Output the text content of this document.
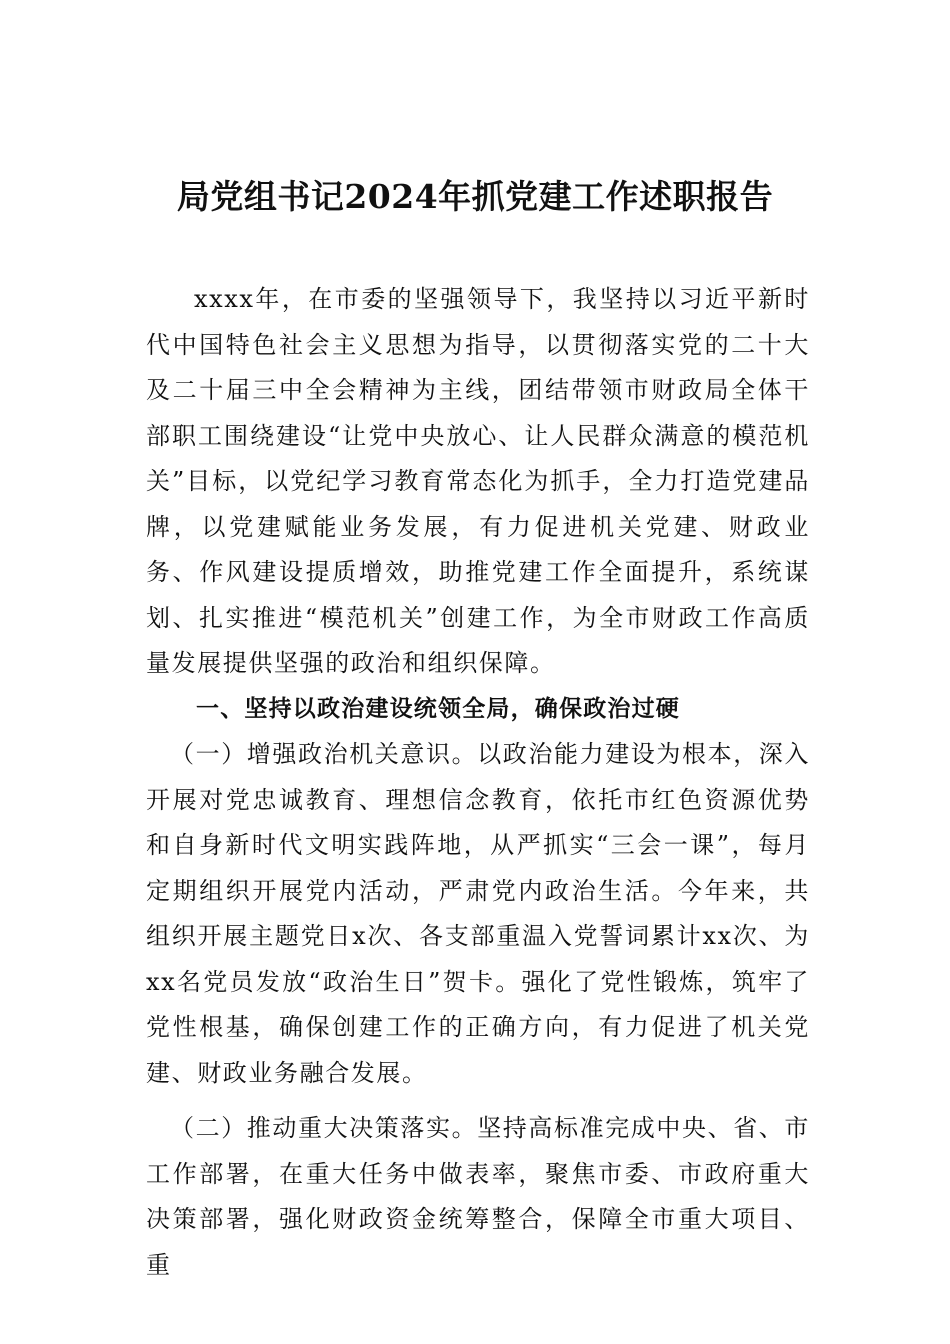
局党组书记2024年抓党建工作述职报告

xxxx年，在市委的坚强领导下，我坚持以习近平新时代中国特色社会主义思想为指导，以贯彻落实党的二十大及二十届三中全会精神为主线，团结带领市财政局全体干部职工围绕建设“让党中央放心、让人民群众满意的模范机关”目标，以党纪学习教育常态化为抓手，全力打造党建品牌，以党建赋能业务发展，有力促进机关党建、财政业务、作风建设提质增效，助推党建工作全面提升，系统谋划、扎实推进“模范机关”创建工作，为全市财政工作高质量发展提供坚强的政治和组织保障。

一、坚持以政治建设统领全局，确保政治过硬

（一）增强政治机关意识。以政治能力建设为根本，深入开展对党忠诚教育、理想信念教育，依托市红色资源优势和自身新时代文明实践阵地，从严抓实“三会一课”，每月定期组织开展党内活动，严肃党内政治生活。今年来，共组织开展主题党日x次、各支部重温入党誓词累计xx次、为xx名党员发放“政治生日”贺卡。强化了党性锻炼，筑牢了党性根基，确保创建工作的正确方向，有力促进了机关党建、财政业务融合发展。

（二）推动重大决策落实。坚持高标准完成中央、省、市工作部署，在重大任务中做表率，聚焦市委、市政府重大决策部署，强化财政资金统筹整合，保障全市重大项目、重
